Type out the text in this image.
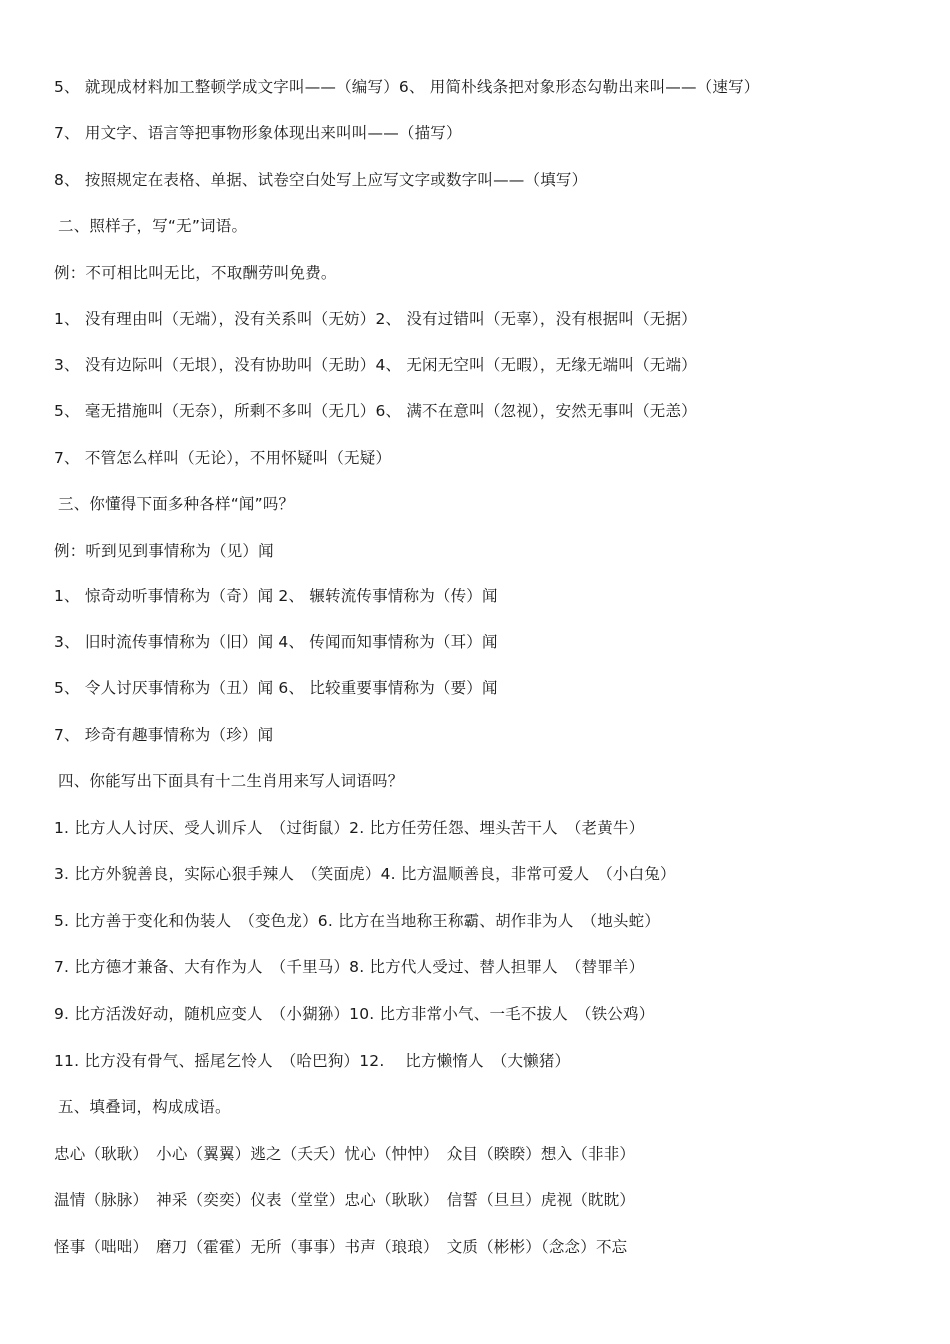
5、 就现成材料加工整顿学成文字叫——（编写）6、 用简朴线条把对象形态勾勒出来叫——（速写）
7、 用文字、语言等把事物形象体现出来叫叫——（描写）
8、 按照规定在表格、单据、试卷空白处写上应写文字或数字叫——（填写）
二、照样子，写“无”词语。
例：不可相比叫无比，不取酬劳叫免费。
1、 没有理由叫（无端），没有关系叫（无妨）2、 没有过错叫（无辜），没有根据叫（无据）
3、 没有边际叫（无垠），没有协助叫（无助）4、 无闲无空叫（无暇），无缘无端叫（无端）
5、 毫无措施叫（无奈），所剩不多叫（无几）6、 满不在意叫（忽视），安然无事叫（无恙）
7、 不管怎么样叫（无论），不用怀疑叫（无疑）
三、你懂得下面多种各样“闻”吗？
例：听到见到事情称为（见）闻
1、 惊奇动听事情称为（奇）闻 2、 辗转流传事情称为（传）闻
3、 旧时流传事情称为（旧）闻 4、 传闻而知事情称为（耳）闻
5、 令人讨厌事情称为（丑）闻 6、 比较重要事情称为（要）闻
7、 珍奇有趣事情称为（珍）闻
四、你能写出下面具有十二生肖用来写人词语吗？
1. 比方人人讨厌、受人训斥人　（过街鼠）2. 比方任劳任怨、埋头苦干人　（老黄牛）
3. 比方外貌善良，实际心狠手辣人　（笑面虎）4. 比方温顺善良，非常可爱人　（小白兔）
5. 比方善于变化和伪装人　（变色龙）6. 比方在当地称王称霸、胡作非为人　（地头蛇）
7. 比方德才兼备、大有作为人　（千里马）8. 比方代人受过、替人担罪人　（替罪羊）
9. 比方活泼好动，随机应变人　（小猢狲）10. 比方非常小气、一毛不拔人　（铁公鸡）
11. 比方没有骨气、摇尾乞怜人　（哈巴狗）12.　 比方懒惰人　（大懒猪）
五、填叠词，构成成语。
忠心（耿耿）　小心（翼翼）逃之（夭夭）忧心（忡忡）　众目（睽睽）想入（非非）
温情（脉脉）　神采（奕奕）仪表（堂堂）忠心（耿耿）　信誓（旦旦）虎视（眈眈）
怪事（咄咄）　磨刀（霍霍）无所（事事）书声（琅琅）　文质（彬彬）（念念）不忘
